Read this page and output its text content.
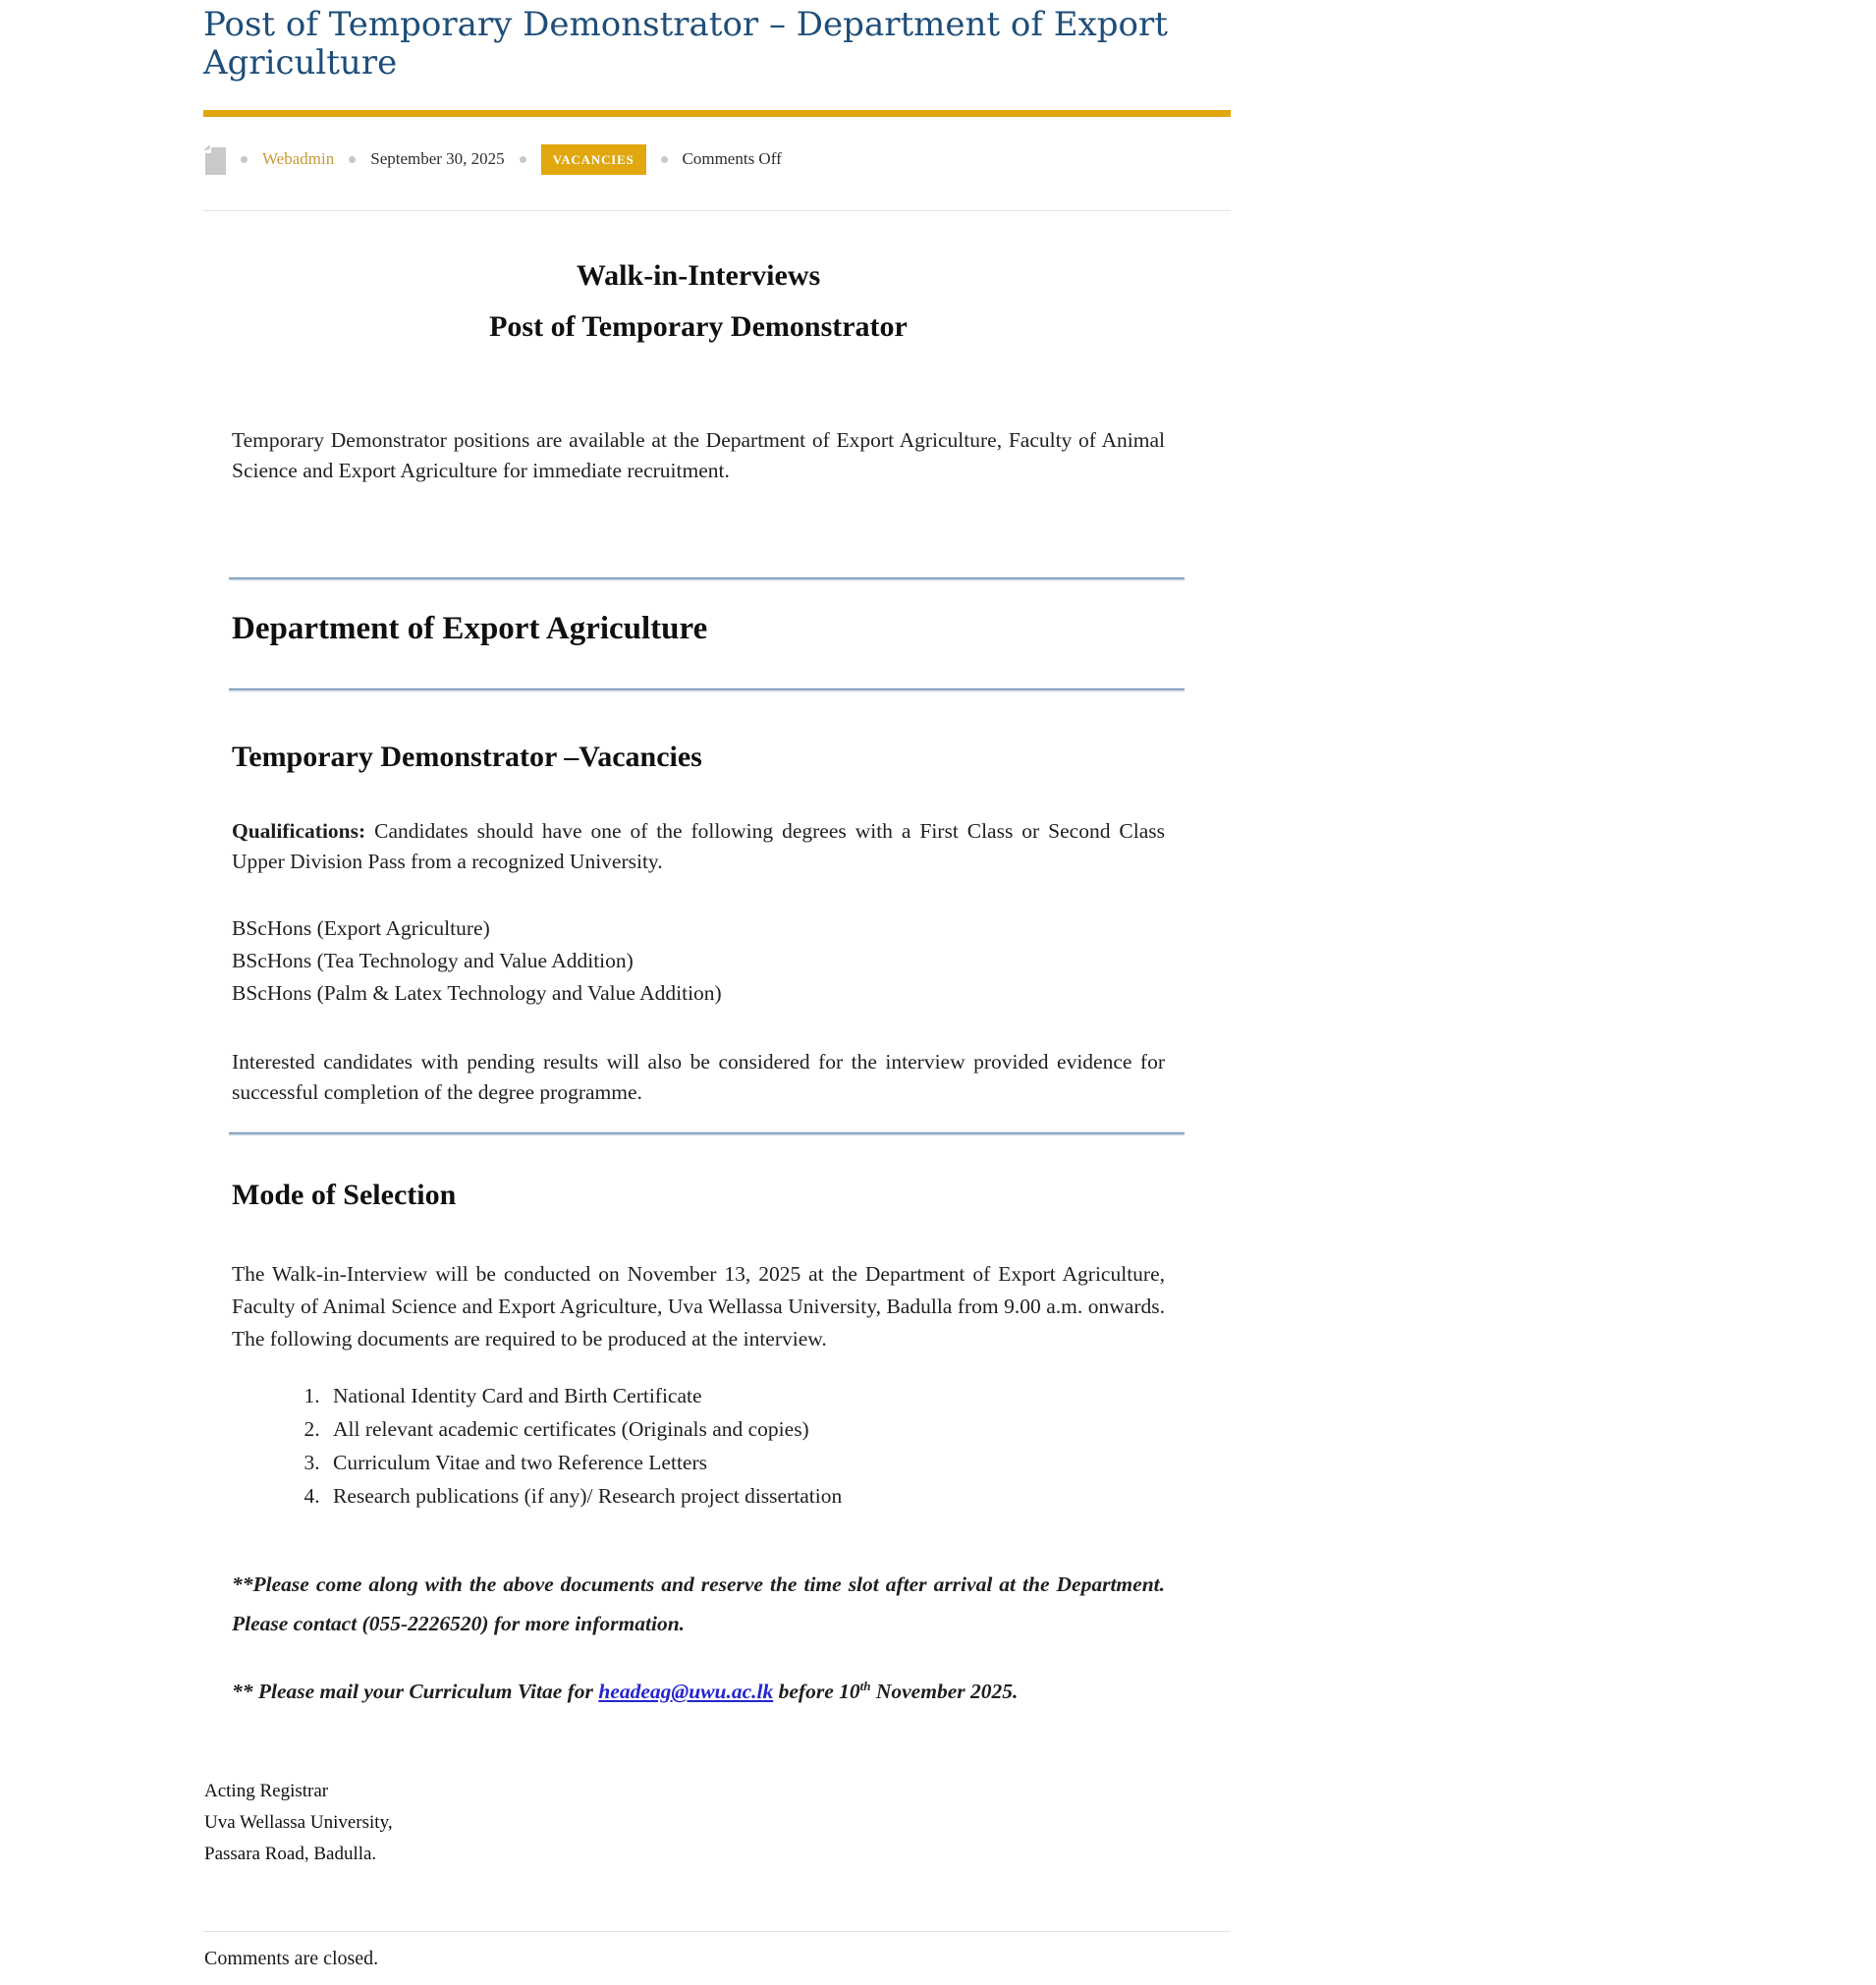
Post of Temporary Demonstrator – Department of Export Agriculture
Webadmin September 30, 2025	VACANCIES	Comments Off
Walk-in-Interviews
Post of Temporary Demonstrator

Temporary Demonstrator positions are available at the Department of Export Agriculture, Faculty of Animal Science and Export Agriculture for immediate recruitment.

Department of Export Agriculture
Temporary Demonstrator –Vacancies

Qualifications: Candidates should have one of the following degrees with a First Class or Second Class Upper Division Pass from a recognized University.

BScHons (Export Agriculture)
BScHons (Tea Technology and Value Addition)
BScHons (Palm & Latex Technology and Value Addition)

Interested candidates with pending results will also be considered for the interview provided evidence for successful completion of the degree programme.

Mode of Selection

The Walk-in-Interview will be conducted on November 13, 2025 at the Department of Export Agriculture, Faculty of Animal Science and Export Agriculture, Uva Wellassa University, Badulla from 9.00 a.m. onwards. The following documents are required to be produced at the interview.

1. National Identity Card and Birth Certificate
2. All relevant academic certificates (Originals and copies)
3. Curriculum Vitae and two Reference Letters
4. Research publications (if any)/ Research project dissertation

**Please come along with the above documents and reserve the time slot after arrival at the Department. Please contact (055-2226520) for more information.

** Please mail your Curriculum Vitae for headeag@uwu.ac.lk before 10th November 2025.

Acting Registrar
Uva Wellassa University,
Passara Road, Badulla.

Comments are closed.
